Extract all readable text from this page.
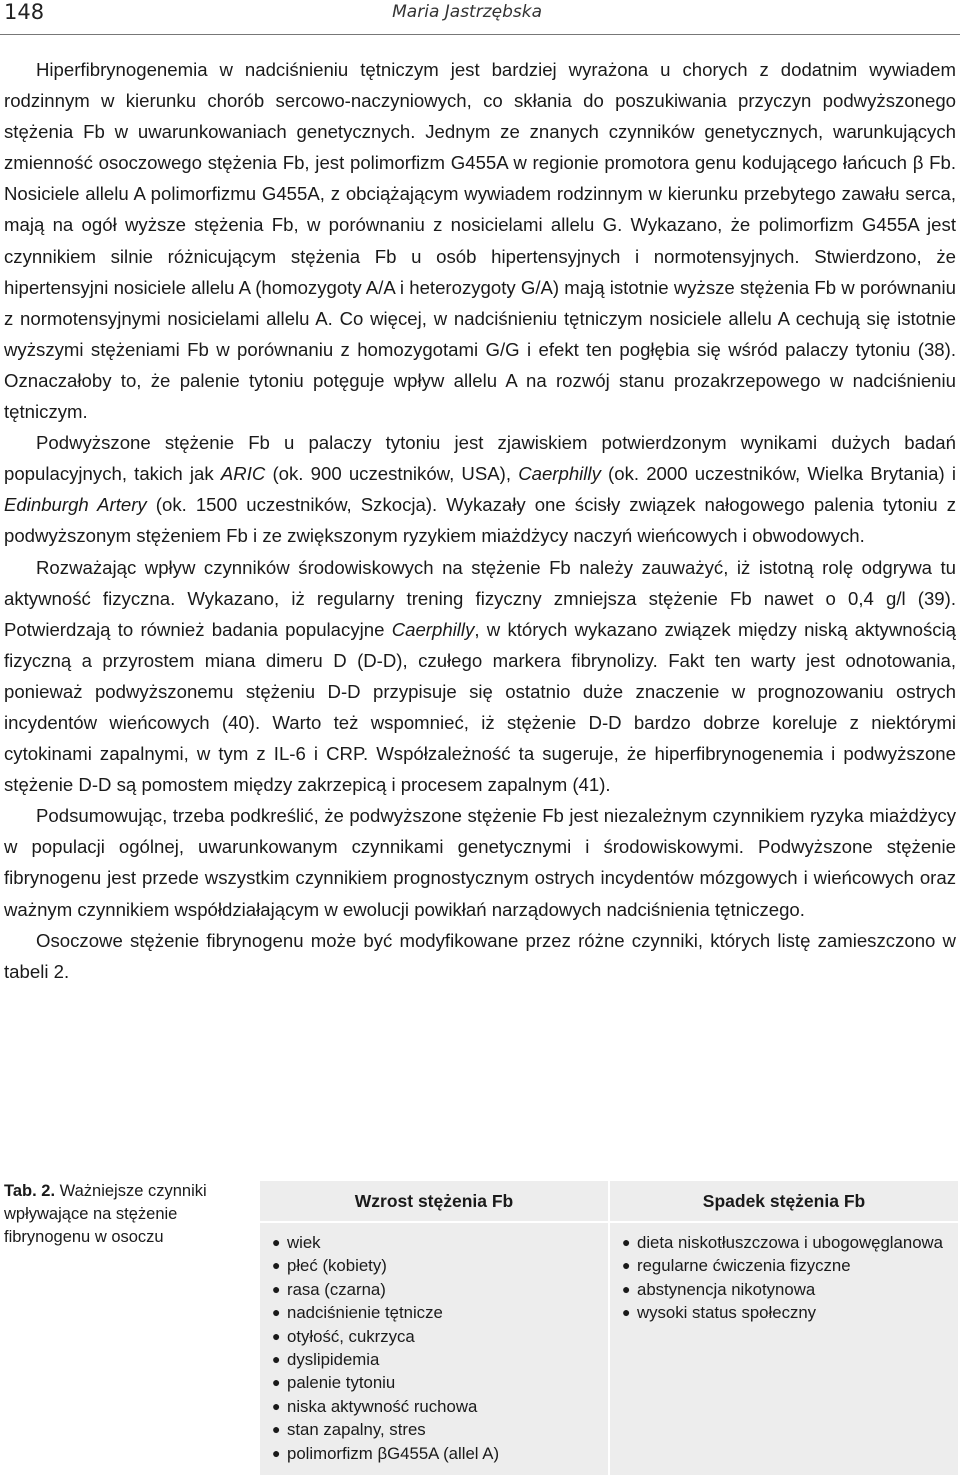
148	Maria Jastrzębska

Hiperfibrynogenemia w nadciśnieniu tętniczym jest bardziej wyrażona u chorych z dodatnim wywiadem rodzinnym w kierunku chorób sercowo-naczyniowych, co skłania do poszukiwania przyczyn podwyższonego stężenia Fb w uwarunkowaniach genetycznych. Jednym ze znanych czynników genetycznych, warunkujących zmienność osoczowego stężenia Fb, jest polimorfizm G455A w regionie promotora genu kodującego łańcuch β Fb. Nosiciele allelu A polimorfizmu G455A, z obciążającym wywiadem rodzinnym w kierunku przebytego zawału serca, mają na ogół wyższe stężenia Fb, w porównaniu z nosicielami allelu G. Wykazano, że polimorfizm G455A jest czynnikiem silnie różnicującym stężenia Fb u osób hipertensyjnych i normotensyjnych. Stwierdzono, że hipertensyjni nosiciele allelu A (homozygoty A/A i heterozygoty G/A) mają istotnie wyższe stężenia Fb w porównaniu z normotensyjnymi nosicielami allelu A. Co więcej, w nadciśnieniu tętniczym nosiciele allelu A cechują się istotnie wyższymi stężeniami Fb w porównaniu z homozygotami G/G i efekt ten pogłębia się wśród palaczy tytoniu (38). Oznaczałoby to, że palenie tytoniu potęguje wpływ allelu A na rozwój stanu prozakrzepowego w nadciśnieniu tętniczym.

Podwyższone stężenie Fb u palaczy tytoniu jest zjawiskiem potwierdzonym wynikami dużych badań populacyjnych, takich jak ARIC (ok. 900 uczestników, USA), Caerphilly (ok. 2000 uczestników, Wielka Brytania) i Edinburgh Artery (ok. 1500 uczestników, Szkocja). Wykazały one ścisły związek nałogowego palenia tytoniu z podwyższonym stężeniem Fb i ze zwiększonym ryzykiem miażdżycy naczyń wieńcowych i obwodowych.

Rozważając wpływ czynników środowiskowych na stężenie Fb należy zauważyć, iż istotną rolę odgrywa tu aktywność fizyczna. Wykazano, iż regularny trening fizyczny zmniejsza stężenie Fb nawet o 0,4 g/l (39). Potwierdzają to również badania populacyjne Caerphilly, w których wykazano związek między niską aktywnością fizyczną a przyrostem miana dimeru D (D-D), czułego markera fibrynolizy. Fakt ten warty jest odnotowania, ponieważ podwyższonemu stężeniu D-D przypisuje się ostatnio duże znaczenie w prognozowaniu ostrych incydentów wieńcowych (40). Warto też wspomnieć, iż stężenie D-D bardzo dobrze koreluje z niektórymi cytokinami zapalnymi, w tym z IL-6 i CRP. Współzależność ta sugeruje, że hiperfibrynogenemia i podwyższone stężenie D-D są pomostem między zakrzepicą i procesem zapalnym (41).

Podsumowując, trzeba podkreślić, że podwyższone stężenie Fb jest niezależnym czynnikiem ryzyka miażdżycy w populacji ogólnej, uwarunkowanym czynnikami genetycznymi i środowiskowymi. Podwyższone stężenie fibrynogenu jest przede wszystkim czynnikiem prognostycznym ostrych incydentów mózgowych i wieńcowych oraz ważnym czynnikiem współdziałającym w ewolucji powikłań narządowych nadciśnienia tętniczego.

Osoczowe stężenie fibrynogenu może być modyfikowane przez różne czynniki, których listę zamieszczono w tabeli 2.

Tab. 2. Ważniejsze czynniki wpływające na stężenie fibrynogenu w osoczu
Wzrost stężenia Fb	Spadek stężenia Fb
● wiek
● płeć (kobiety)
● rasa (czarna)
● nadciśnienie tętnicze
● otyłość, cukrzyca
● dyslipidemia
● palenie tytoniu
● niska aktywność ruchowa
● stan zapalny, stres
● polimorfizm βG455A (allel A)
● dieta niskotłuszczowa i ubogowęglanowa
● regularne ćwiczenia fizyczne
● abstynencja nikotynowa
● wysoki status społeczny
